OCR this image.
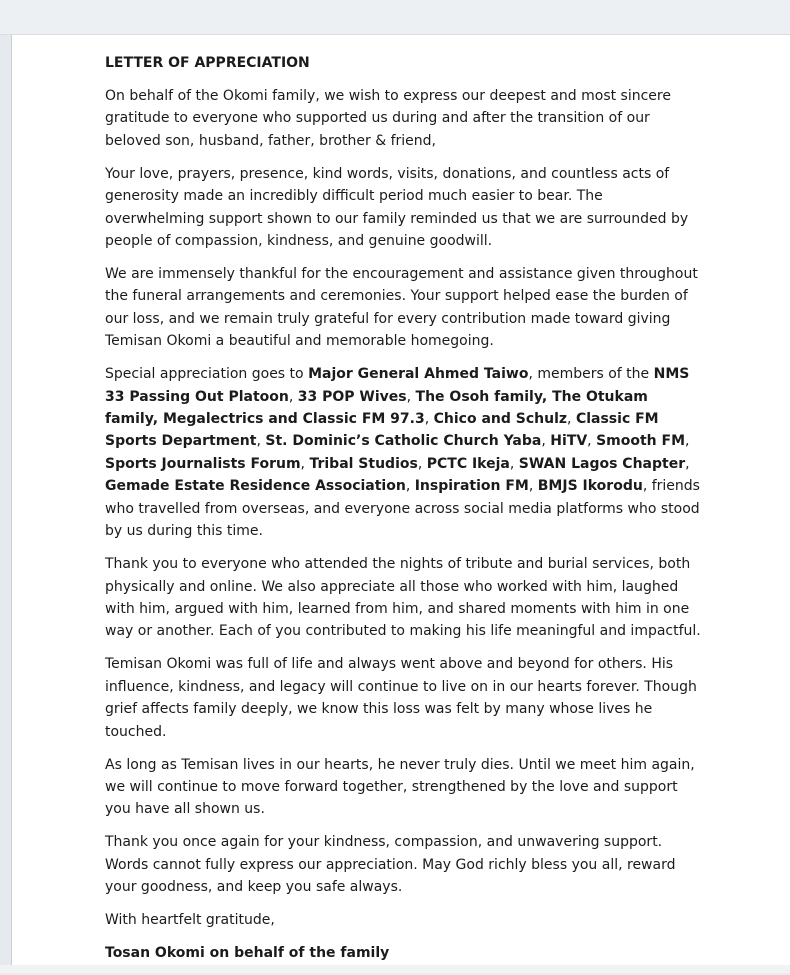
LETTER OF APPRECIATION

On behalf of the Okomi family, we wish to express our deepest and most sincere gratitude to everyone who supported us during and after the transition of our beloved son, husband, father, brother & friend,

Your love, prayers, presence, kind words, visits, donations, and countless acts of generosity made an incredibly difficult period much easier to bear. The overwhelming support shown to our family reminded us that we are surrounded by people of compassion, kindness, and genuine goodwill.

We are immensely thankful for the encouragement and assistance given throughout the funeral arrangements and ceremonies. Your support helped ease the burden of our loss, and we remain truly grateful for every contribution made toward giving Temisan Okomi a beautiful and memorable homegoing.

Special appreciation goes to Major General Ahmed Taiwo, members of the NMS 33 Passing Out Platoon, 33 POP Wives, The Osoh family, The Otukam family, Megalectrics and Classic FM 97.3, Chico and Schulz, Classic FM Sports Department, St. Dominic’s Catholic Church Yaba, HiTV, Smooth FM, Sports Journalists Forum, Tribal Studios, PCTC Ikeja, SWAN Lagos Chapter, Gemade Estate Residence Association, Inspiration FM, BMJS Ikorodu, friends who travelled from overseas, and everyone across social media platforms who stood by us during this time.

Thank you to everyone who attended the nights of tribute and burial services, both physically and online. We also appreciate all those who worked with him, laughed with him, argued with him, learned from him, and shared moments with him in one way or another. Each of you contributed to making his life meaningful and impactful.

Temisan Okomi was full of life and always went above and beyond for others. His influence, kindness, and legacy will continue to live on in our hearts forever. Though grief affects family deeply, we know this loss was felt by many whose lives he touched.

As long as Temisan lives in our hearts, he never truly dies. Until we meet him again, we will continue to move forward together, strengthened by the love and support you have all shown us.

Thank you once again for your kindness, compassion, and unwavering support. Words cannot fully express our appreciation. May God richly bless you all, reward your goodness, and keep you safe always.

With heartfelt gratitude,

Tosan Okomi on behalf of the family
